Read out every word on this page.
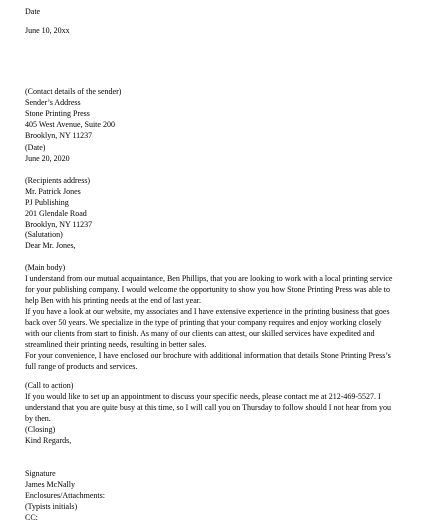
Date
June 10, 20xx
(Contact details of the sender)
Sender’s Address
Stone Printing Press
405 West Avenue, Suite 200
Brooklyn, NY 11237
(Date)
June 20, 2020
(Recipients address)
Mr. Patrick Jones
PJ Publishing
201 Glendale Road
Brooklyn, NY 11237
(Salutation)
Dear Mr. Jones,
(Main body)
I understand from our mutual acquaintance, Ben Phillips, that you are looking to work with a local printing service
for your publishing company. I would welcome the opportunity to show you how Stone Printing Press was able to
help Ben with his printing needs at the end of last year.
If you have a look at our website, my associates and I have extensive experience in the printing business that goes
back over 50 years. We specialize in the type of printing that your company requires and enjoy working closely
with our clients from start to finish. As many of our clients can attest, our skilled services have expedited and
streamlined their printing needs, resulting in better sales.
For your convenience, I have enclosed our brochure with additional information that details Stone Printing Press’s
full range of products and services.
(Call to action)
If you would like to set up an appointment to discuss your specific needs, please contact me at 212-469-5527. I
understand that you are quite busy at this time, so I will call you on Thursday to follow should I not hear from you
by then.
(Closing)
Kind Regards,
Signature
James McNally
Enclosures/Attachments:
(Typists initials)
CC:
